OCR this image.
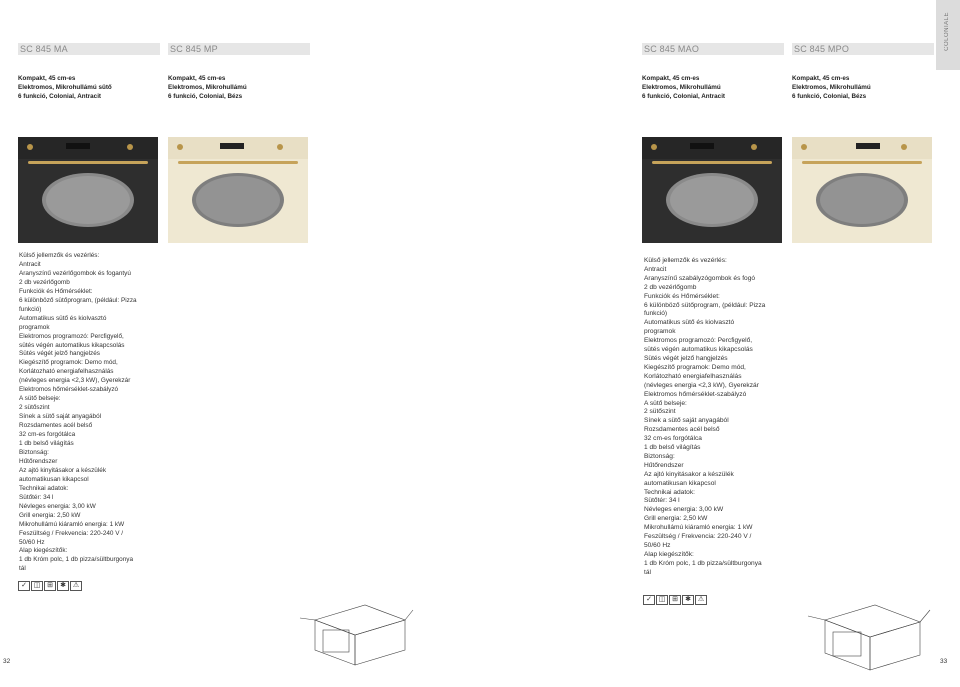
SC 845 MA	SC 845 MP
Kompakt, 45 cm-es
Elektromos, Mikrohullámú sütő
6 funkció, Colonial, Antracit
Kompakt, 45 cm-es
Elektromos, Mikrohullámú
6 funkció, Colonial, Bézs
Külső jellemzők és vezérlés:
Antracit
Aranyszínű vezérlőgombok és fogantyú
2 db vezérlőgomb
Funkciók és Hőmérséklet:
6 különböző sütőprogram, (például: Pizza
funkció)
Automatikus sütő és kiolvasztó
programok
Elektromos programozó: Percfigyelő,
sütés végén automatikus kikapcsolás
Sütés végét jelző hangjelzés
Kiegészítő programok: Demo mód,
Korlátozható energiafelhasználás
(névleges energia <2,3 kW), Gyerekzár
Elektromos hőmérséklet-szabályzó
A sütő belseje:
2 sütőszint
Sínek a sütő saját anyagából
Rozsdamentes acél belső
32 cm-es forgótálca
1 db belső világítás
Biztonság:
Hűtőrendszer
Az ajtó kinyitásakor a készülék
automatikusan kikapcsol
Technikai adatok:
Sütőtér: 34 l
Névleges energia: 3,00 kW
Grill energia: 2,50 kW
Mikrohullámú kiáramló energia: 1 kW
Feszültség / Frekvencia: 220-240 V /
50/60 Hz
Alap kiegészítők:
1 db Króm polc, 1 db pizza/sültburgonya
tál
✓ ◫ ⊞	✱ ⚠
32
SC 845 MAO	SC 845 MPO
Kompakt, 45 cm-es
Elektromos, Mikrohullámú
6 funkció, Colonial, Antracit
Kompakt, 45 cm-es
Elektromos, Mikrohullámú
6 funkció, Colonial, Bézs
Külső jellemzők és vezérlés:
Antracit
Aranyszínű szabályzógombok és fogó
2 db vezérlőgomb
Funkciók és Hőmérséklet:
6 különböző sütőprogram, (például: Pizza
funkció)
Automatikus sütő és kiolvasztó
programok
Elektromos programozó: Percfigyelő,
sütés végén automatikus kikapcsolás
Sütés végét jelző hangjelzés
Kiegészítő programok: Demo mód,
Korlátozható energiafelhasználás
(névleges energia <2,3 kW), Gyerekzár
Elektromos hőmérséklet-szabályzó
A sütő belseje:
2 sütőszint
Sínek a sütő saját anyagából
Rozsdamentes acél belső
32 cm-es forgótálca
1 db belső világítás
Biztonság:
Hűtőrendszer
Az ajtó kinyitásakor a készülék
automatikusan kikapcsol
Technikai adatok:
Sütőtér: 34 l
Névleges energia: 3,00 kW
Grill energia: 2,50 kW
Mikrohullámú kiáramló energia: 1 kW
Feszültség / Frekvencia: 220-240 V /
50/60 Hz
Alap kiegészítők:
1 db Króm polc, 1 db pizza/sültburgonya
tál
✓ ◫ ⊞	✱ ⚠
33
COLONIALE
